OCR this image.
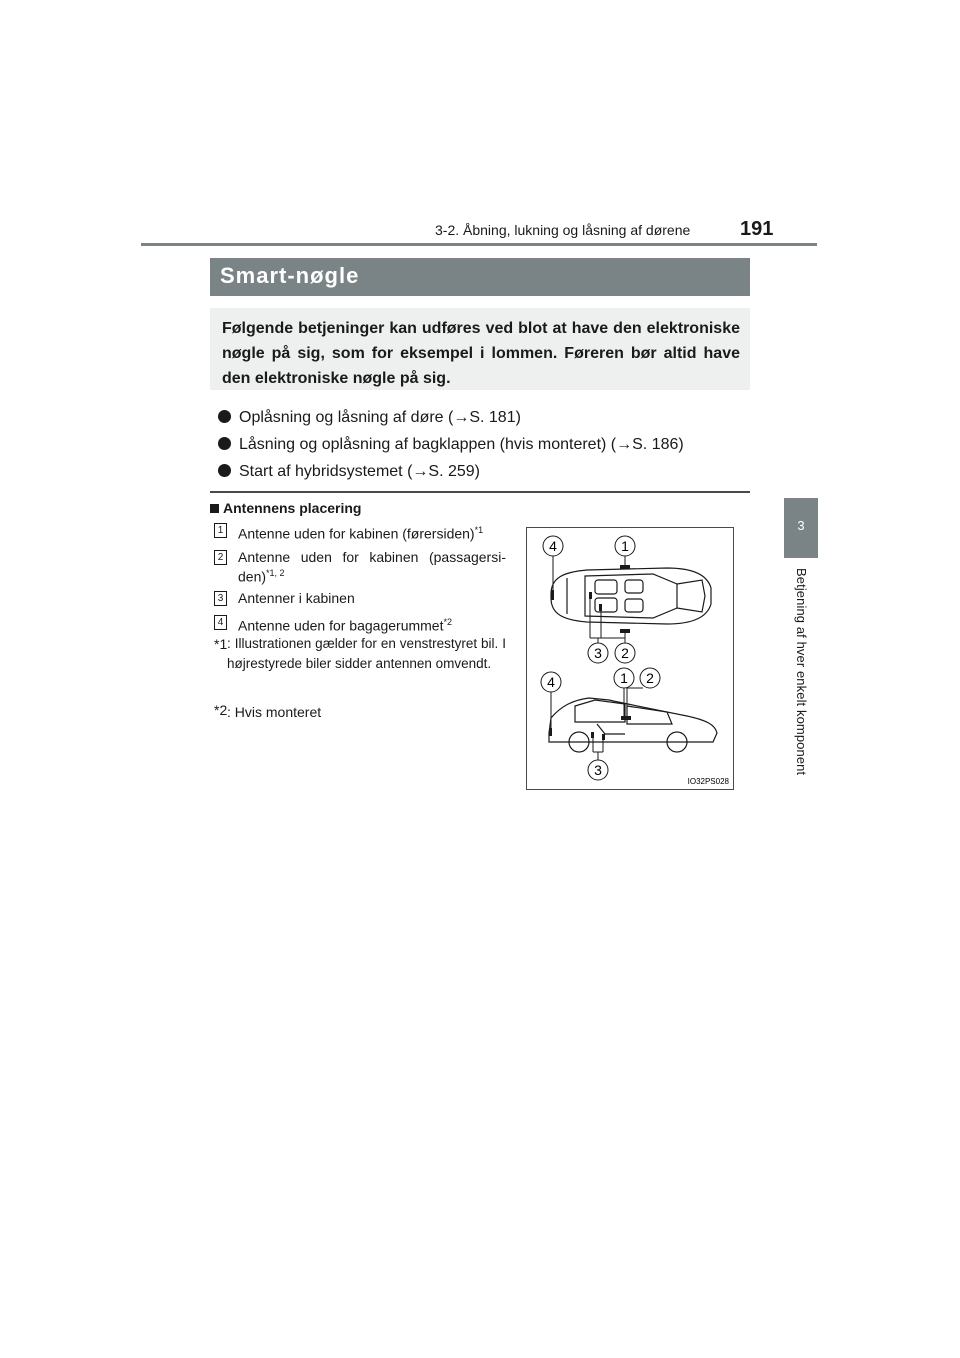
3-2. Åbning, lukning og låsning af dørene 191
3
Betjening af hver enkelt komponent
Smart-nøgle
Følgende betjeninger kan udføres ved blot at have den elektroniske nøgle på sig, som for eksempel i lommen. Føreren bør altid have den elektroniske nøgle på sig.
Oplåsning og låsning af døre (→S. 181)
Låsning og oplåsning af bagklappen (hvis monteret) (→S. 186)
Start af hybridsystemet (→S. 259)
Antennens placering
1 Antenne uden for kabinen (førersiden)$^{*1}$
2 Antenne uden for kabinen (passagersi-den)$^{*1, 2}$
3 Antenner i kabinen
4 Antenne uden for bagagerummet$^{*2}$
$^{*1}$ : Illustrationen gælder for en venstrestyret bil. I højrestyrede biler sidder antennen omvendt.
$^{*2}$ : Hvis monteret
4	1
3 2
4	1 2
3
IO32PS028
